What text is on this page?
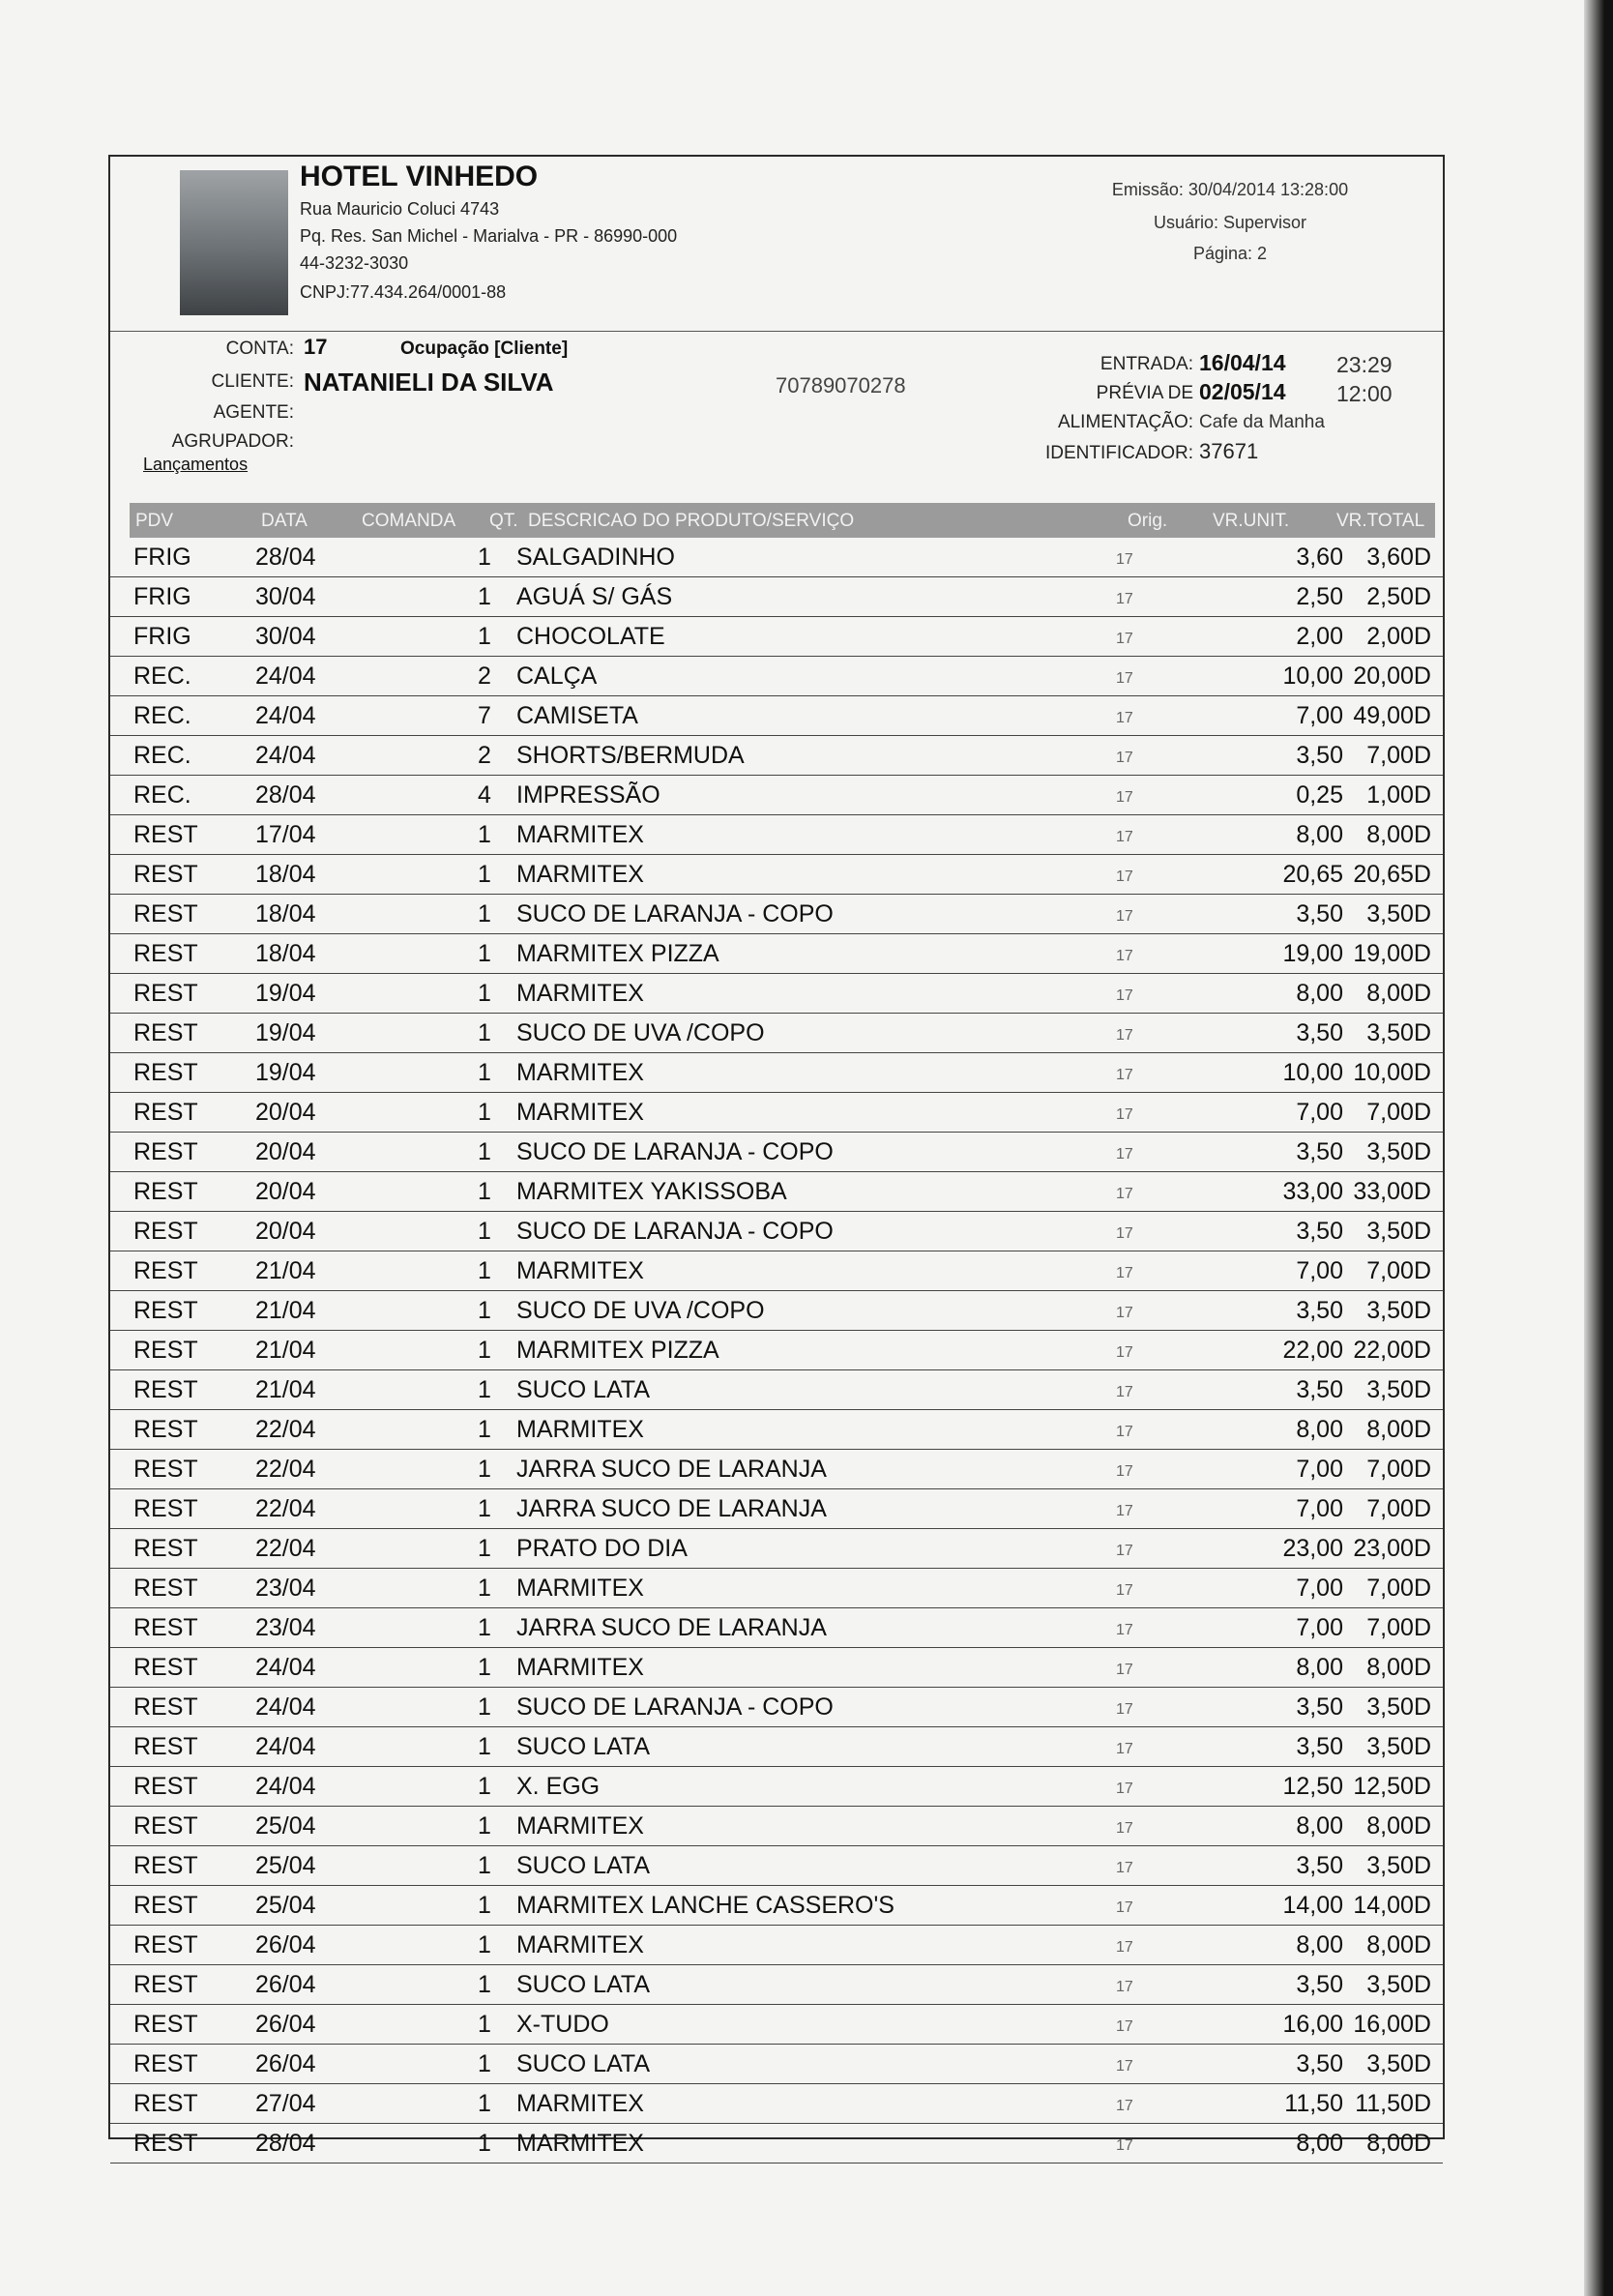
HOTEL VINHEDO
Rua Mauricio Coluci 4743
Pq. Res. San Michel - Marialva - PR - 86990-000
44-3232-3030
CNPJ:77.434.264/0001-88
Emissão: 30/04/2014 13:28:00
Usuário: Supervisor
Página: 2
CONTA: 17	Ocupação [Cliente]
CLIENTE: NATANIELI DA SILVA	70789070278
AGENTE:
AGRUPADOR:
ENTRADA: 16/04/14 23:29
PRÉVIA DE 02/05/14 12:00
ALIMENTAÇÃO: Cafe da Manha
IDENTIFICADOR: 37671
Lançamentos
PDV	DATA	COMANDA QT. DESCRICAO DO PRODUTO/SERVIÇO	Orig. VR.UNIT.	VR.TOTAL
FRIG	28/04	1 SALGADINHO	17	3,60 3,60D
FRIG	30/04	1 AGUÁ S/ GÁS	17	2,50 2,50D
FRIG	30/04	1 CHOCOLATE	17	2,00 2,00D
REC.	24/04	2 CALÇA	17	10,00 20,00D
REC.	24/04	7 CAMISETA	17	7,00 49,00D
REC.	24/04	2 SHORTS/BERMUDA	17	3,50 7,00D
REC.	28/04	4 IMPRESSÃO	17	0,25 1,00D
REST 17/04	1 MARMITEX	17	8,00 8,00D
REST 18/04	1 MARMITEX	17	20,65 20,65D
REST 18/04	1 SUCO DE LARANJA - COPO	17	3,50 3,50D
REST 18/04	1 MARMITEX PIZZA	17	19,00 19,00D
REST 19/04	1 MARMITEX	17	8,00 8,00D
REST 19/04	1 SUCO DE UVA /COPO	17	3,50 3,50D
REST 19/04	1 MARMITEX	17	10,00 10,00D
REST 20/04	1 MARMITEX	17	7,00 7,00D
REST 20/04	1 SUCO DE LARANJA - COPO	17	3,50 3,50D
REST 20/04	1 MARMITEX YAKISSOBA	17	33,00 33,00D
REST 20/04	1 SUCO DE LARANJA - COPO	17	3,50 3,50D
REST 21/04	1 MARMITEX	17	7,00 7,00D
REST 21/04	1 SUCO DE UVA /COPO	17	3,50 3,50D
REST 21/04	1 MARMITEX PIZZA	17	22,00 22,00D
REST 21/04	1 SUCO LATA	17	3,50 3,50D
REST 22/04	1 MARMITEX	17	8,00 8,00D
REST 22/04	1 JARRA SUCO DE LARANJA	17	7,00 7,00D
REST 22/04	1 JARRA SUCO DE LARANJA	17	7,00 7,00D
REST 22/04	1 PRATO DO DIA	17	23,00 23,00D
REST 23/04	1 MARMITEX	17	7,00 7,00D
REST 23/04	1 JARRA SUCO DE LARANJA	17	7,00 7,00D
REST 24/04	1 MARMITEX	17	8,00 8,00D
REST 24/04	1 SUCO DE LARANJA - COPO	17	3,50 3,50D
REST 24/04	1 SUCO LATA	17	3,50 3,50D
REST 24/04	1 X. EGG	17	12,50 12,50D
REST 25/04	1 MARMITEX	17	8,00 8,00D
REST 25/04	1 SUCO LATA	17	3,50 3,50D
REST 25/04	1 MARMITEX LANCHE CASSERO'S	17	14,00 14,00D
REST 26/04	1 MARMITEX	17	8,00 8,00D
REST 26/04	1 SUCO LATA	17	3,50 3,50D
REST 26/04	1 X-TUDO	17	16,00 16,00D
REST 26/04	1 SUCO LATA	17	3,50 3,50D
REST 27/04	1 MARMITEX	17	11,50 11,50D
REST 28/04	1 MARMITEX	17	8,00 8,00D
